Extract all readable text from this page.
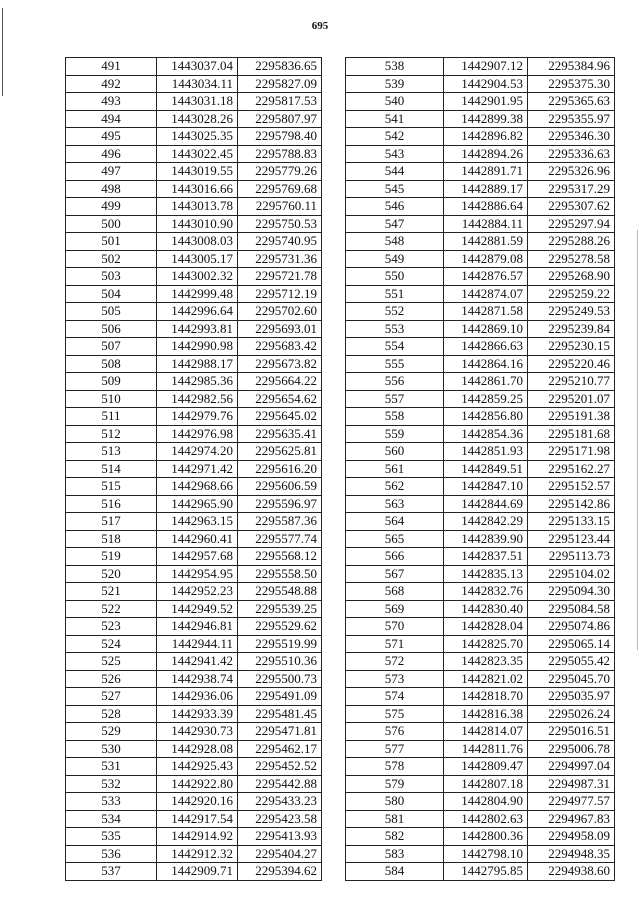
695
491	1443037.04	2295836.65
492	1443034.11	2295827.09
493	1443031.18	2295817.53
494	1443028.26	2295807.97
495	1443025.35	2295798.40
496	1443022.45	2295788.83
497	1443019.55	2295779.26
498	1443016.66	2295769.68
499	1443013.78	2295760.11
500	1443010.90	2295750.53
501	1443008.03	2295740.95
502	1443005.17	2295731.36
503	1443002.32	2295721.78
504	1442999.48	2295712.19
505	1442996.64	2295702.60
506	1442993.81	2295693.01
507	1442990.98	2295683.42
508	1442988.17	2295673.82
509	1442985.36	2295664.22
510	1442982.56	2295654.62
511	1442979.76	2295645.02
512	1442976.98	2295635.41
513	1442974.20	2295625.81
514	1442971.42	2295616.20
515	1442968.66	2295606.59
516	1442965.90	2295596.97
517	1442963.15	2295587.36
518	1442960.41	2295577.74
519	1442957.68	2295568.12
520	1442954.95	2295558.50
521	1442952.23	2295548.88
522	1442949.52	2295539.25
523	1442946.81	2295529.62
524	1442944.11	2295519.99
525	1442941.42	2295510.36
526	1442938.74	2295500.73
527	1442936.06	2295491.09
528	1442933.39	2295481.45
529	1442930.73	2295471.81
530	1442928.08	2295462.17
531	1442925.43	2295452.52
532	1442922.80	2295442.88
533	1442920.16	2295433.23
534	1442917.54	2295423.58
535	1442914.92	2295413.93
536	1442912.32	2295404.27
537	1442909.71	2295394.62
538	1442907.12	2295384.96
539	1442904.53	2295375.30
540	1442901.95	2295365.63
541	1442899.38	2295355.97
542	1442896.82	2295346.30
543	1442894.26	2295336.63
544	1442891.71	2295326.96
545	1442889.17	2295317.29
546	1442886.64	2295307.62
547	1442884.11	2295297.94
548	1442881.59	2295288.26
549	1442879.08	2295278.58
550	1442876.57	2295268.90
551	1442874.07	2295259.22
552	1442871.58	2295249.53
553	1442869.10	2295239.84
554	1442866.63	2295230.15
555	1442864.16	2295220.46
556	1442861.70	2295210.77
557	1442859.25	2295201.07
558	1442856.80	2295191.38
559	1442854.36	2295181.68
560	1442851.93	2295171.98
561	1442849.51	2295162.27
562	1442847.10	2295152.57
563	1442844.69	2295142.86
564	1442842.29	2295133.15
565	1442839.90	2295123.44
566	1442837.51	2295113.73
567	1442835.13	2295104.02
568	1442832.76	2295094.30
569	1442830.40	2295084.58
570	1442828.04	2295074.86
571	1442825.70	2295065.14
572	1442823.35	2295055.42
573	1442821.02	2295045.70
574	1442818.70	2295035.97
575	1442816.38	2295026.24
576	1442814.07	2295016.51
577	1442811.76	2295006.78
578	1442809.47	2294997.04
579	1442807.18	2294987.31
580	1442804.90	2294977.57
581	1442802.63	2294967.83
582	1442800.36	2294958.09
583	1442798.10	2294948.35
584	1442795.85	2294938.60
